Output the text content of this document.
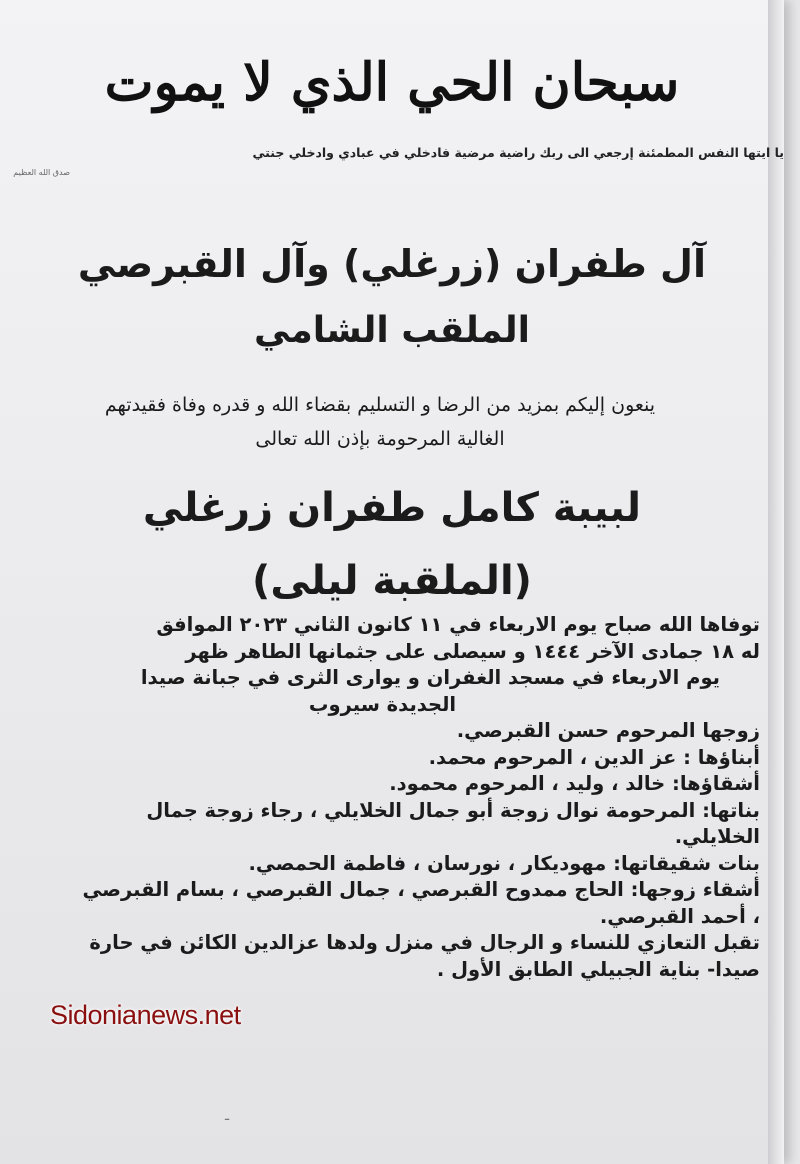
سبحان الحي الذي لا يموت
يا ايتها النفس المطمئنة إرجعي الى ربك راضية مرضية فادخلي في عبادي وادخلي جنتي
صدق الله العظيم
آل طفران (زرغلي) وآل القبرصي
الملقب الشامي
ينعون إليكم بمزيد من الرضا و التسليم بقضاء الله و قدره وفاة فقيدتهم
الغالية المرحومة بإذن الله تعالى
لبيبة كامل طفران زرغلي
(الملقبة ليلى)

توفاها الله صباح يوم الاربعاء في ١١ كانون الثاني ٢٠٢٣ الموافق

له ١٨ جمادى الآخر ١٤٤٤ و سيصلى على جثمانها الطاهر ظهر

يوم الاربعاء في مسجد الغفران و يوارى الثرى في جبانة صيدا

الجديدة سيروب

زوجها المرحوم حسن القبرصي.

أبناؤها : عز الدين ، المرحوم محمد.

أشقاؤها: خالد ، وليد ، المرحوم محمود.

بناتها: المرحومة نوال زوجة أبو جمال الخلايلي ، رجاء زوجة جمال الخلايلي.

بنات شقيقاتها: مهوديكار ، نورسان ، فاطمة الحمصي.

أشقاء زوجها: الحاج ممدوح القبرصي ، جمال القبرصي ، بسام القبرصي ، أحمد القبرصي.

تقبل التعازي للنساء و الرجال في منزل ولدها عزالدين الكائن في حارة صيدا- بناية الجبيلي الطابق الأول .

ـ
Sidonianews.net
